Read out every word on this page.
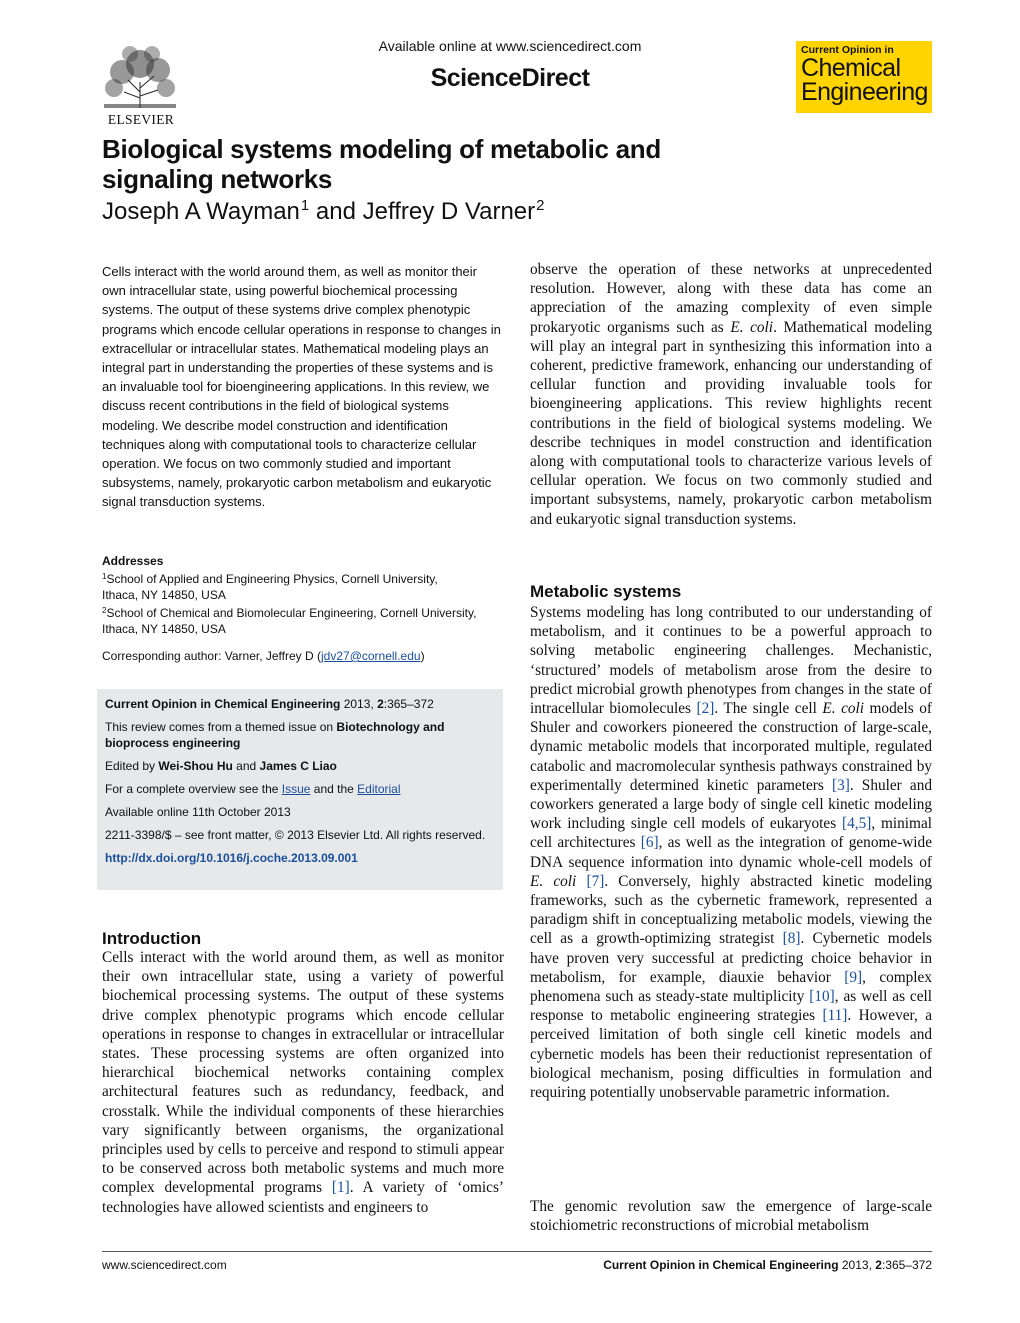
ELSEVIER
Available online at www.sciencedirect.com
ScienceDirect
Current Opinion in
Chemical
Engineering
Biological systems modeling of metabolic and
signaling networks
Joseph A Wayman$^1$ and Jeffrey D Varner$^2$

Cells interact with the world around them, as well as monitor their own intracellular state, using powerful biochemical processing systems. The output of these systems drive complex phenotypic programs which encode cellular operations in response to changes in extracellular or intracellular states. Mathematical modeling plays an integral part in understanding the properties of these systems and is an invaluable tool for bioengineering applications. In this review, we discuss recent contributions in the field of biological systems modeling. We describe model construction and identification techniques along with computational tools to characterize cellular operation. We focus on two commonly studied and important subsystems, namely, prokaryotic carbon metabolism and eukaryotic signal transduction systems.

Addresses
$^1$School of Applied and Engineering Physics, Cornell University,
Ithaca, NY 14850, USA
$^2$School of Chemical and Biomolecular Engineering, Cornell University,
Ithaca, NY 14850, USA
Corresponding author: Varner, Jeffrey D (jdv27@cornell.edu)

Current Opinion in Chemical Engineering 2013, 2:365–372

This review comes from a themed issue on Biotechnology and bioprocess engineering

Edited by Wei-Shou Hu and James C Liao

For a complete overview see the Issue and the Editorial

Available online 11th October 2013

2211-3398/$ – see front matter, © 2013 Elsevier Ltd. All rights reserved.

http://dx.doi.org/10.1016/j.coche.2013.09.001

Introduction

Cells interact with the world around them, as well as monitor their own intracellular state, using a variety of powerful biochemical processing systems. The output of these systems drive complex phenotypic programs which encode cellular operations in response to changes in extracellular or intracellular states. These processing systems are often organized into hierarchical biochemical networks containing complex architectural features such as redundancy, feedback, and crosstalk. While the individual components of these hierarchies vary significantly between organisms, the organizational principles used by cells to perceive and respond to stimuli appear to be conserved across both metabolic systems and much more complex developmental programs [1]. A variety of ‘omics’ technologies have allowed scientists and engineers to

observe the operation of these networks at unprecedented resolution. However, along with these data has come an appreciation of the amazing complexity of even simple prokaryotic organisms such as E. coli. Mathematical modeling will play an integral part in synthesizing this information into a coherent, predictive framework, enhancing our understanding of cellular function and providing invaluable tools for bioengineering applications. This review highlights recent contributions in the field of biological systems modeling. We describe techniques in model construction and identification along with computational tools to characterize various levels of cellular operation. We focus on two commonly studied and important subsystems, namely, prokaryotic carbon metabolism and eukaryotic signal transduction systems.

Metabolic systems

Systems modeling has long contributed to our understanding of metabolism, and it continues to be a powerful approach to solving metabolic engineering challenges. Mechanistic, ‘structured’ models of metabolism arose from the desire to predict microbial growth phenotypes from changes in the state of intracellular biomolecules [2]. The single cell E. coli models of Shuler and coworkers pioneered the construction of large-scale, dynamic metabolic models that incorporated multiple, regulated catabolic and macromolecular synthesis pathways constrained by experimentally determined kinetic parameters [3]. Shuler and coworkers generated a large body of single cell kinetic modeling work including single cell models of eukaryotes [4,5], minimal cell architectures [6], as well as the integration of genome-wide DNA sequence information into dynamic whole-cell models of E. coli [7]. Conversely, highly abstracted kinetic modeling frameworks, such as the cybernetic framework, represented a paradigm shift in conceptualizing metabolic models, viewing the cell as a growth-optimizing strategist [8]. Cybernetic models have proven very successful at predicting choice behavior in metabolism, for example, diauxie behavior [9], complex phenomena such as steady-state multiplicity [10], as well as cell response to metabolic engineering strategies [11]. However, a perceived limitation of both single cell kinetic models and cybernetic models has been their reductionist representation of biological mechanism, posing difficulties in formulation and requiring potentially unobservable parametric information.

The genomic revolution saw the emergence of large-scale stoichiometric reconstructions of microbial metabolism

www.sciencedirect.com	Current Opinion in Chemical Engineering 2013, 2:365–372
